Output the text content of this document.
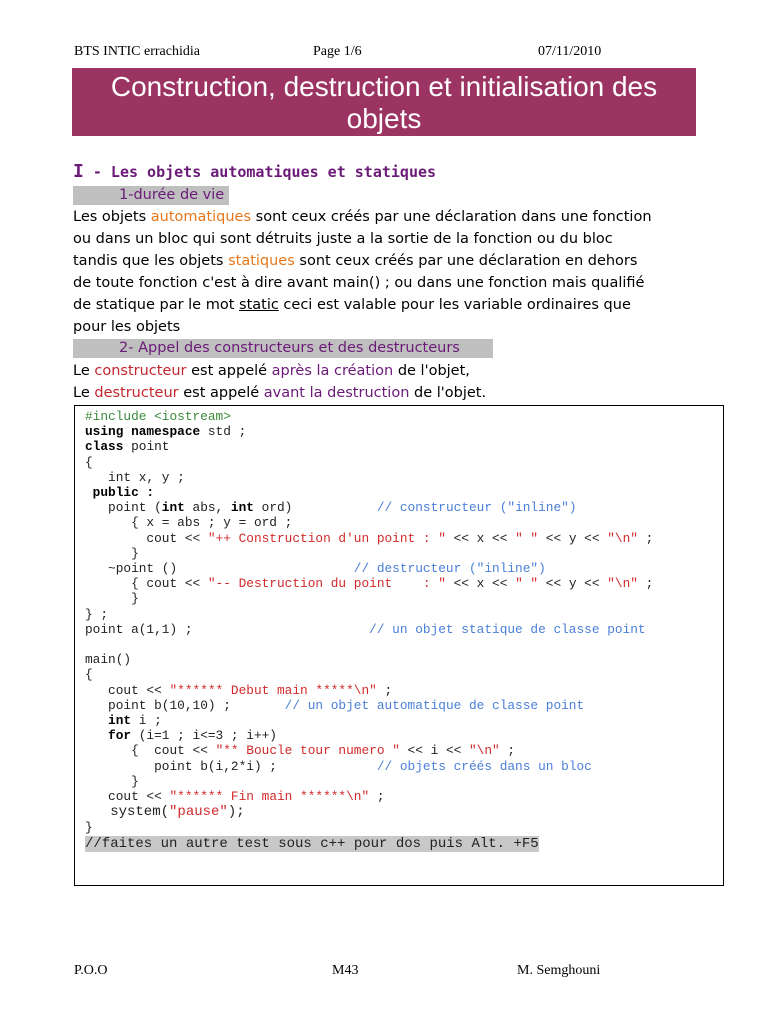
BTS INTIC errachidia	Page 1/6	07/11/2010
Construction, destruction et initialisation des
objets
I - Les objets automatiques et statiques
1-durée de vie
Les objets automatiques sont ceux créés par une déclaration dans une fonction
ou dans un bloc qui sont détruits juste a la sortie de la fonction ou du bloc
tandis que les objets statiques sont ceux créés par une déclaration en dehors
de toute fonction c'est à dire avant main() ; ou dans une fonction mais qualifié
de statique par le mot static ceci est valable pour les variable ordinaires que
pour les objets
2- Appel des constructeurs et des destructeurs
Le constructeur est appelé après la création de l'objet,
Le destructeur est appelé avant la destruction de l'objet.
#include <iostream>
using namespace std ;
class point
{
int x, y ;
public :
point (int abs, int ord)           // constructeur ("inline")
{ x = abs ; y = ord ;
cout << "++ Construction d'un point : " << x << " " << y << "\n" ;
}
~point ()                       // destructeur ("inline")
{ cout << "-- Destruction du point    : " << x << " " << y << "\n" ;
}
} ;
point a(1,1) ;                       // un objet statique de classe point

main()
{
cout << "****** Debut main *****\n" ;
point b(10,10) ;       // un objet automatique de classe point
int i ;
for (i=1 ; i<=3 ; i++)
{  cout << "** Boucle tour numero " << i << "\n" ;
point b(i,2*i) ;             // objets créés dans un bloc
}
cout << "****** Fin main ******\n" ;
system("pause");
}
//faites un autre test sous c++ pour dos puis Alt. +F5
P.O.O	M43	M. Semghouni
